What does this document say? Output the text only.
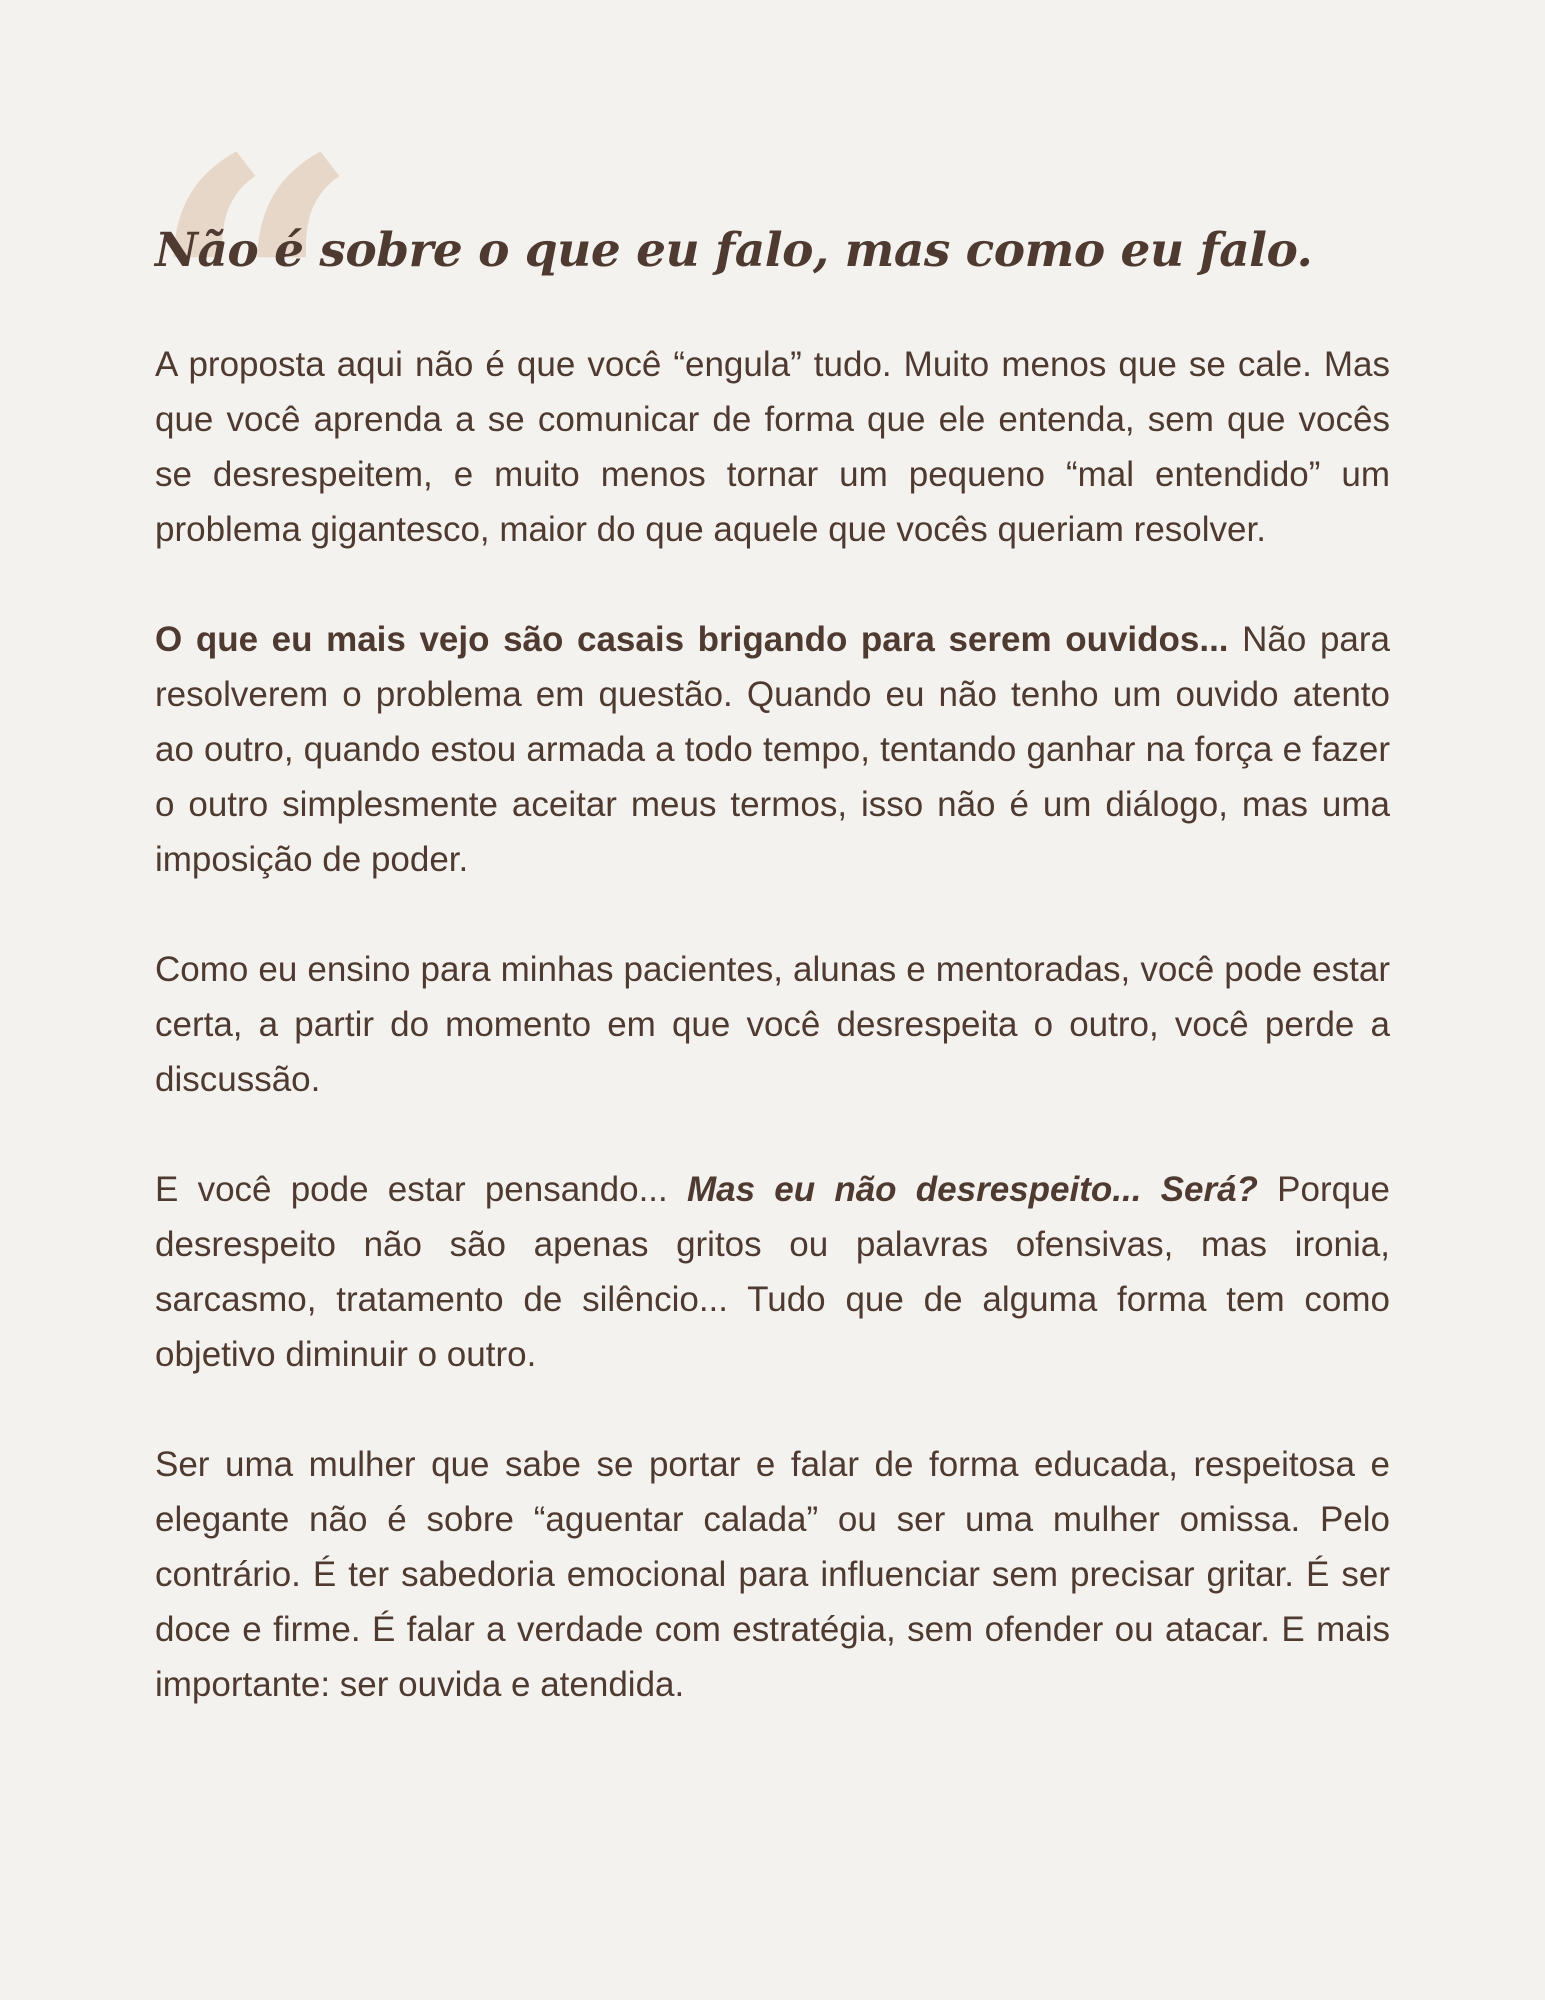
“
Não é sobre o que eu falo, mas como eu falo.

A proposta aqui não é que você “engula” tudo. Muito menos que se cale. Mas que você aprenda a se comunicar de forma que ele entenda, sem que vocês se desrespeitem, e muito menos tornar um pequeno “mal entendido” um problema gigantesco, maior do que aquele que vocês queriam resolver.

O que eu mais vejo são casais brigando para serem ouvidos... Não para resolverem o problema em questão. Quando eu não tenho um ouvido atento ao outro, quando estou armada a todo tempo, tentando ganhar na força e fazer o outro simplesmente aceitar meus termos, isso não é um diálogo, mas uma imposição de poder.

Como eu ensino para minhas pacientes, alunas e mentoradas, você pode estar certa, a partir do momento em que você desrespeita o outro, você perde a discussão.

E você pode estar pensando... Mas eu não desrespeito... Será? Porque desrespeito não são apenas gritos ou palavras ofensivas, mas ironia, sarcasmo, tratamento de silêncio... Tudo que de alguma forma tem como objetivo diminuir o outro.

Ser uma mulher que sabe se portar e falar de forma educada, respeitosa e elegante não é sobre “aguentar calada” ou ser uma mulher omissa. Pelo contrário. É ter sabedoria emocional para influenciar sem precisar gritar. É ser doce e firme. É falar a verdade com estratégia, sem ofender ou atacar. E mais importante: ser ouvida e atendida.
